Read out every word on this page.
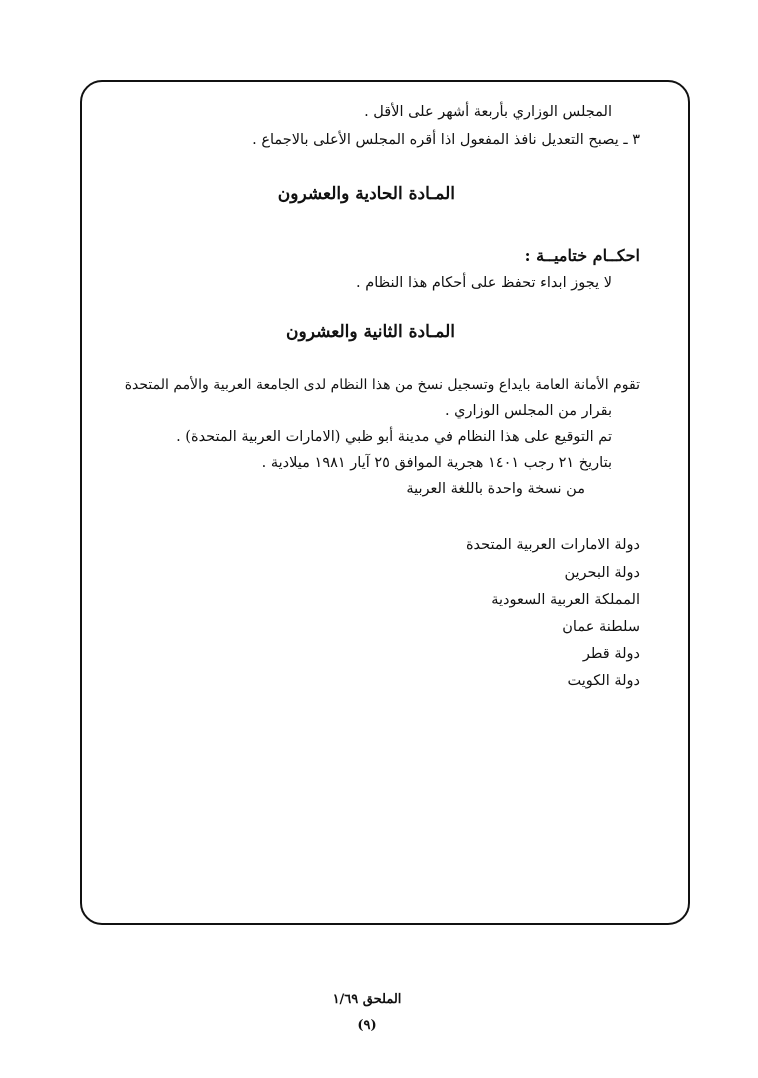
المجلس الوزاري بأربعة أشهر على الأقل .
٣ ـ يصبح التعديل نافذ المفعول اذا أقره المجلس الأعلى بالاجماع .
المـادة الحادية والعشرون
احكــام ختاميــة :
لا يجوز ابداء تحفظ على أحكام هذا النظام .
المـادة الثانية والعشرون
تقوم الأمانة العامة بايداع وتسجيل نسخ من هذا النظام لدى الجامعة العربية والأمم المتحدة
بقرار من المجلس الوزاري .
تم التوقيع على هذا النظام في مدينة أبو ظبي (الامارات العربية المتحدة) .
بتاريخ ٢١ رجب ١٤٠١ هجرية الموافق ٢٥ آيار ١٩٨١ ميلادية .
من نسخة واحدة باللغة العربية
دولة الامارات العربية المتحدة
دولة البحرين
المملكة العربية السعودية
سلطنة عمان
دولة قطر
دولة الكويت
الملحق ١/٦٩
(٩)
